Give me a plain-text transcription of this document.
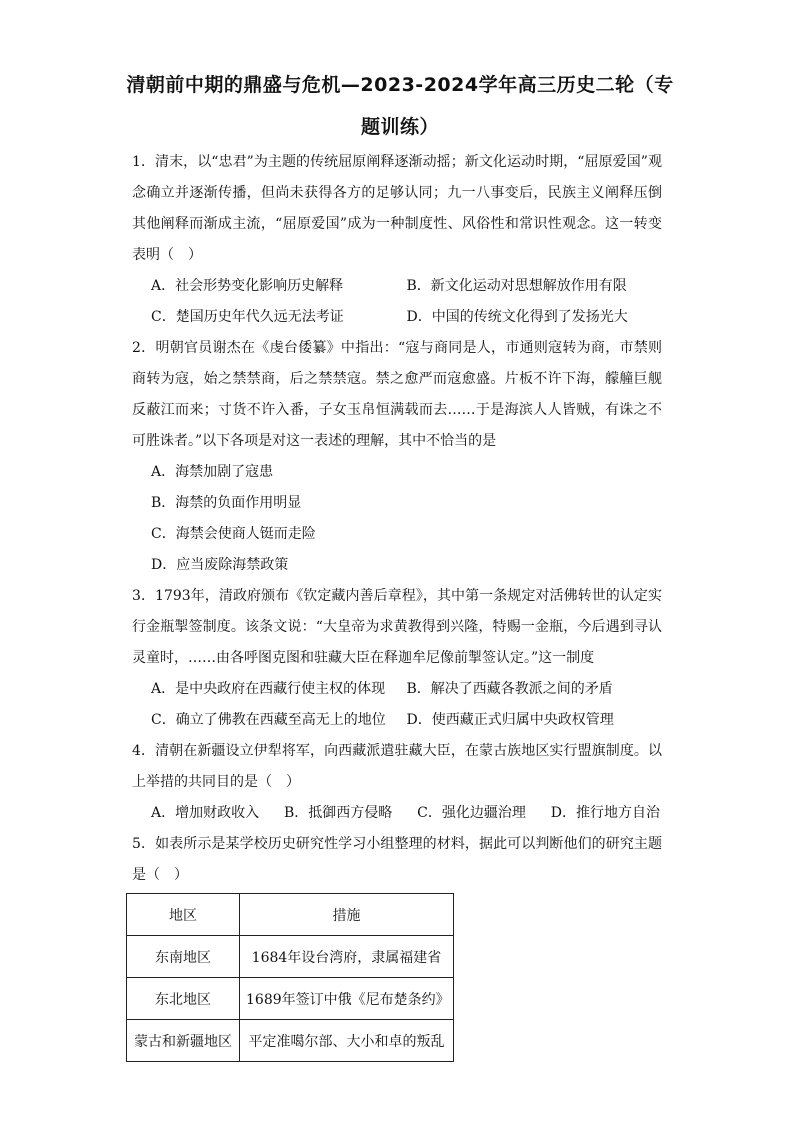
清朝前中期的鼎盛与危机—2023-2024学年高三历史二轮（专题训练）

1．清末，以“忠君”为主题的传统屈原阐释逐渐动摇；新文化运动时期，“屈原爱国”观念确立并逐渐传播，但尚未获得各方的足够认同；九一八事变后，民族主义阐释压倒其他阐释而渐成主流，“屈原爱国”成为一种制度性、风俗性和常识性观念。这一转变表明（　）

A．社会形势变化影响历史解释	B．新文化运动对思想解放作用有限
C．楚国历史年代久远无法考证	D．中国的传统文化得到了发扬光大

2．明朝官员谢杰在《虔台倭纂》中指出：“寇与商同是人，市通则寇转为商，市禁则商转为寇，始之禁禁商，后之禁禁寇。禁之愈严而寇愈盛。片板不许下海，艨艟巨舰反蔽江而来；寸货不许入番，子女玉帛恒满载而去……于是海滨人人皆贼，有诛之不可胜诛者。”以下各项是对这一表述的理解，其中不恰当的是

A．海禁加剧了寇患

B．海禁的负面作用明显

C．海禁会使商人铤而走险

D．应当废除海禁政策

3．1793年，清政府颁布《钦定藏内善后章程》，其中第一条规定对活佛转世的认定实行金瓶掣签制度。该条文说：“大皇帝为求黄教得到兴隆，特赐一金瓶，今后遇到寻认灵童时，……由各呼图克图和驻藏大臣在释迦牟尼像前掣签认定。”这一制度

A．是中央政府在西藏行使主权的体现	B．解决了西藏各教派之间的矛盾
C．确立了佛教在西藏至高无上的地位	D．使西藏正式归属中央政权管理

4．清朝在新疆设立伊犁将军，向西藏派遣驻藏大臣，在蒙古族地区实行盟旗制度。以上举措的共同目的是（　）

A．增加财政收入 B．抵御西方侵略 C．强化边疆治理 D．推行地方自治

5．如表所示是某学校历史研究性学习小组整理的材料，据此可以判断他们的研究主题是（　）

地区	措施
东南地区	1684年设台湾府，隶属福建省
东北地区	1689年签订中俄《尼布楚条约》
蒙古和新疆地区	平定准噶尔部、大小和卓的叛乱
